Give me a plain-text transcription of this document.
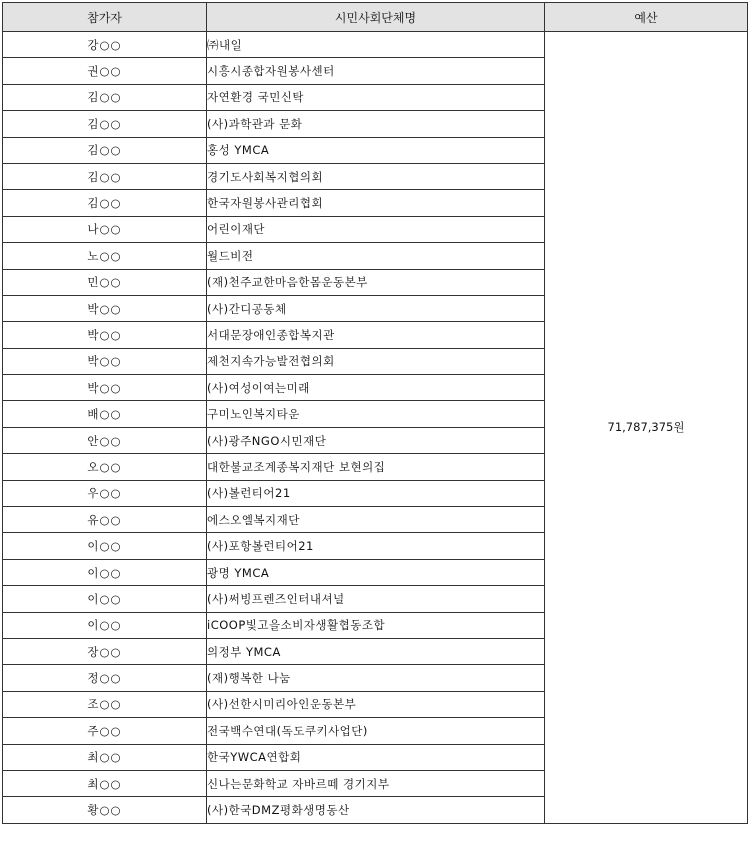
참가자	시민사회단체명	예산
강○○	㈜내일	71,787,375원
권○○	시흥시종합자원봉사센터	
김○○	자연환경 국민신탁	
김○○	(사)과학관과 문화	
김○○	홍성 YMCA	
김○○	경기도사회복지협의회	
김○○	한국자원봉사관리협회	
나○○	어린이재단	
노○○	월드비전	
민○○	(재)천주교한마음한몸운동본부	
박○○	(사)간디공동체	
박○○	서대문장애인종합복지관	
박○○	제천지속가능발전협의회	
박○○	(사)여성이여는미래	
배○○	구미노인복지타운	
안○○	(사)광주NGO시민재단	
오○○	대한불교조계종복지재단 보현의집	
우○○	(사)볼런티어21	
유○○	에스오엘복지재단	
이○○	(사)포항볼런티어21	
이○○	광명 YMCA	
이○○	(사)써빙프렌즈인터내셔널	
이○○	iCOOP빛고을소비자생활협동조합	
장○○	의정부 YMCA	
정○○	(재)행복한 나눔	
조○○	(사)선한시미리아인운동본부	
주○○	전국백수연대(독도쿠키사업단)	
최○○	한국YWCA연합회	
최○○	신나는문화학교 자바르떼 경기지부	
황○○	(사)한국DMZ평화생명동산	
